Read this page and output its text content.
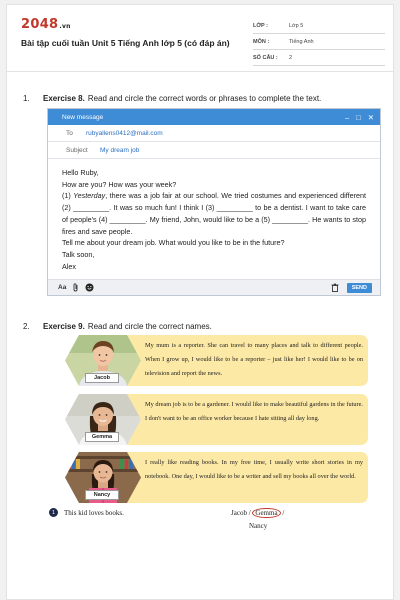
2048.vn
Bài tập cuối tuần Unit 5 Tiếng Anh lớp 5 (có đáp án)
LỚP :	Lớp 5
MÔN :	Tiếng Anh
SỐ CÂU :	2
1.	Exercise 8. Read and circle the correct words or phrases to complete the text.
New message	– □ ✕
To	rubyallens0412@mail.com
Subject	My dream job

Hello Ruby,

How are you? How was your week?

(1) Yesterday, there was a job fair at our school. We tried costumes and experienced different (2) _________. It was so much fun! I think I (3) _________ to be a dentist. I want to take care of people's (4) _________. My friend, John, would like to be a (5) _________. He wants to stop fires and save people.

Tell me about your dream job. What would you like to be in the future?

Talk soon,

Alex

Aa	SEND
2.	Exercise 9. Read and circle the correct names.
Jacob
My mum is a reporter. She can travel to many places and talk to different people. When I grow up, I would like to be a reporter – just like her! I would like to be on television and report the news.
Gemma
My dream job is to be a gardener. I would like to make beautiful gardens in the future. I don't want to be an office worker because I hate sitting all day long.
Nancy
I really like reading books. In my free time, I usually write short stories in my notebook. One day, I would like to be a writer and sell my books all over the world.
1	This kid loves books.	Jacob / Gemma /
Nancy
